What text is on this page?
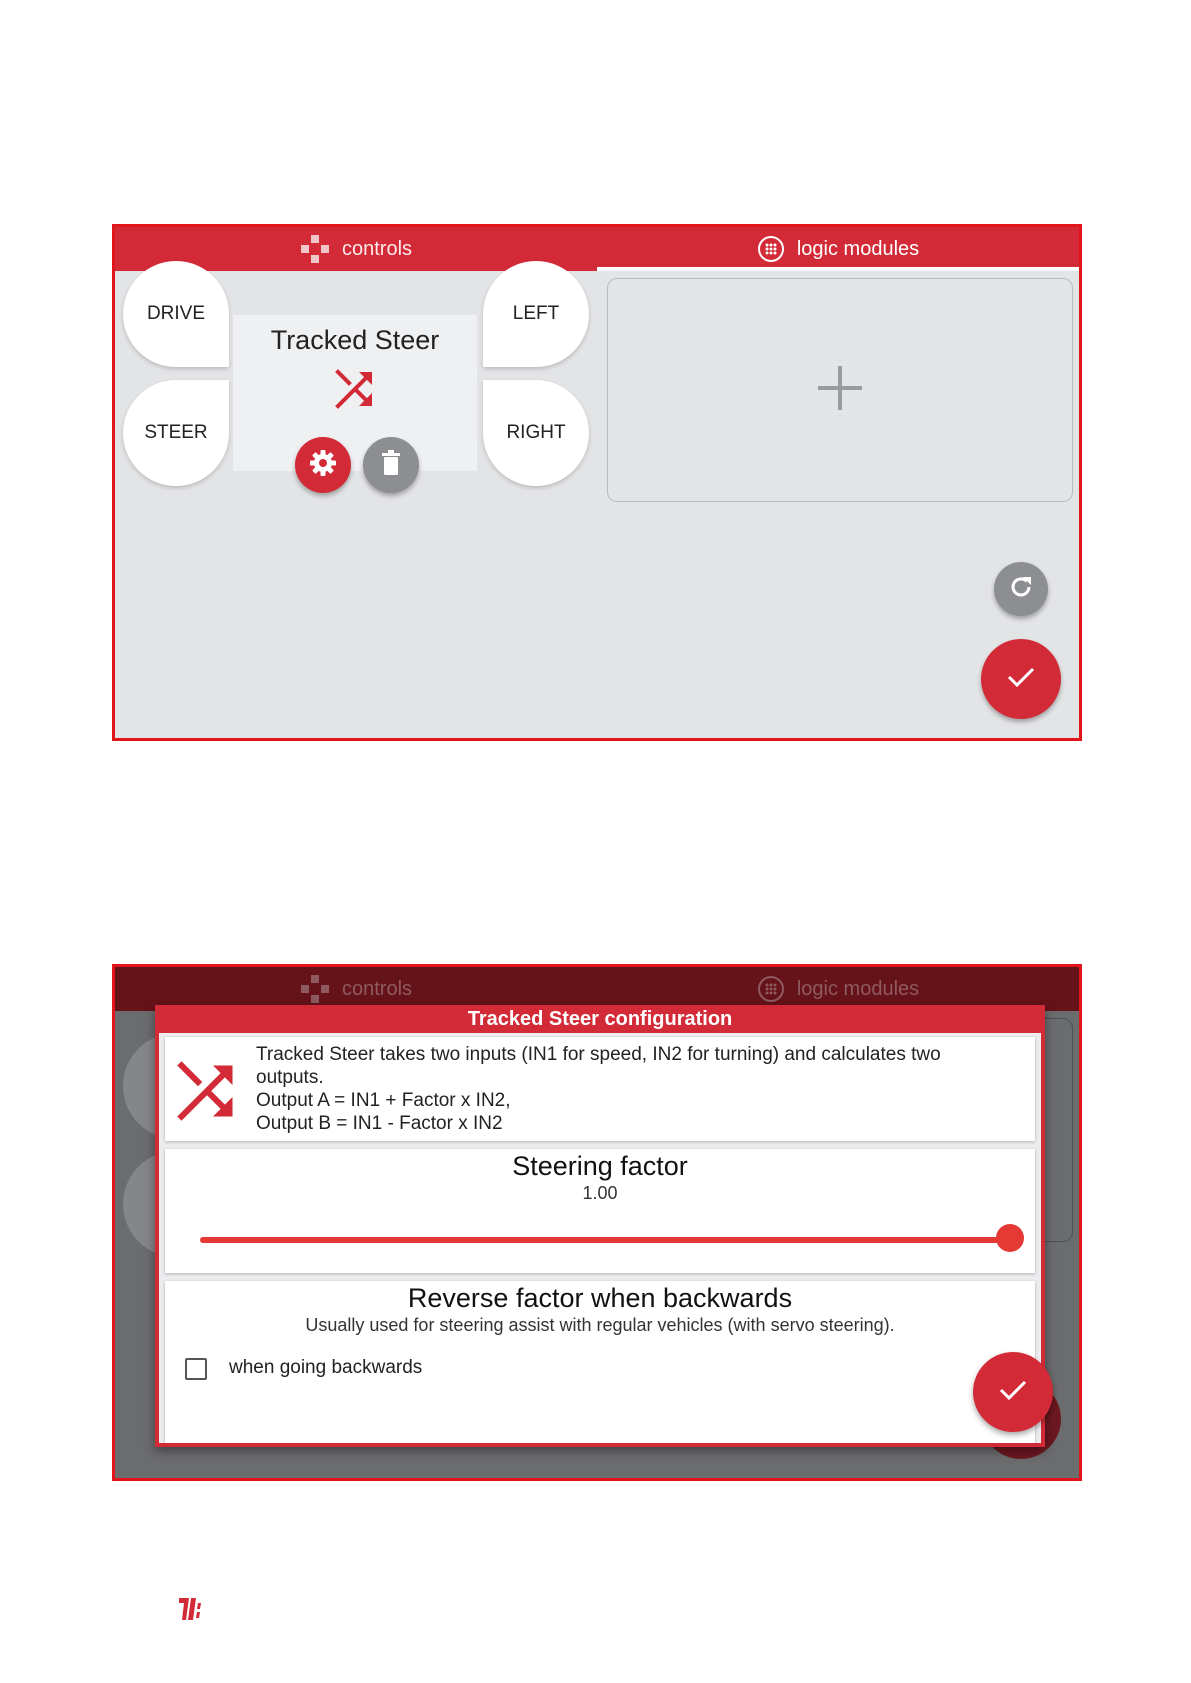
controls	logic modules
Tracked Steer
DRIVE
STEER
LEFT
RIGHT
controls	logic modules
Tracked Steer configuration
Tracked Steer takes two inputs (IN1 for speed, IN2 for turning) and calculates two
outputs.
Output A = IN1 + Factor x IN2,
Output B = IN1 - Factor x IN2
Steering factor
1.00
Reverse factor when backwards
Usually used for steering assist with regular vehicles (with servo steering).
when going backwards
